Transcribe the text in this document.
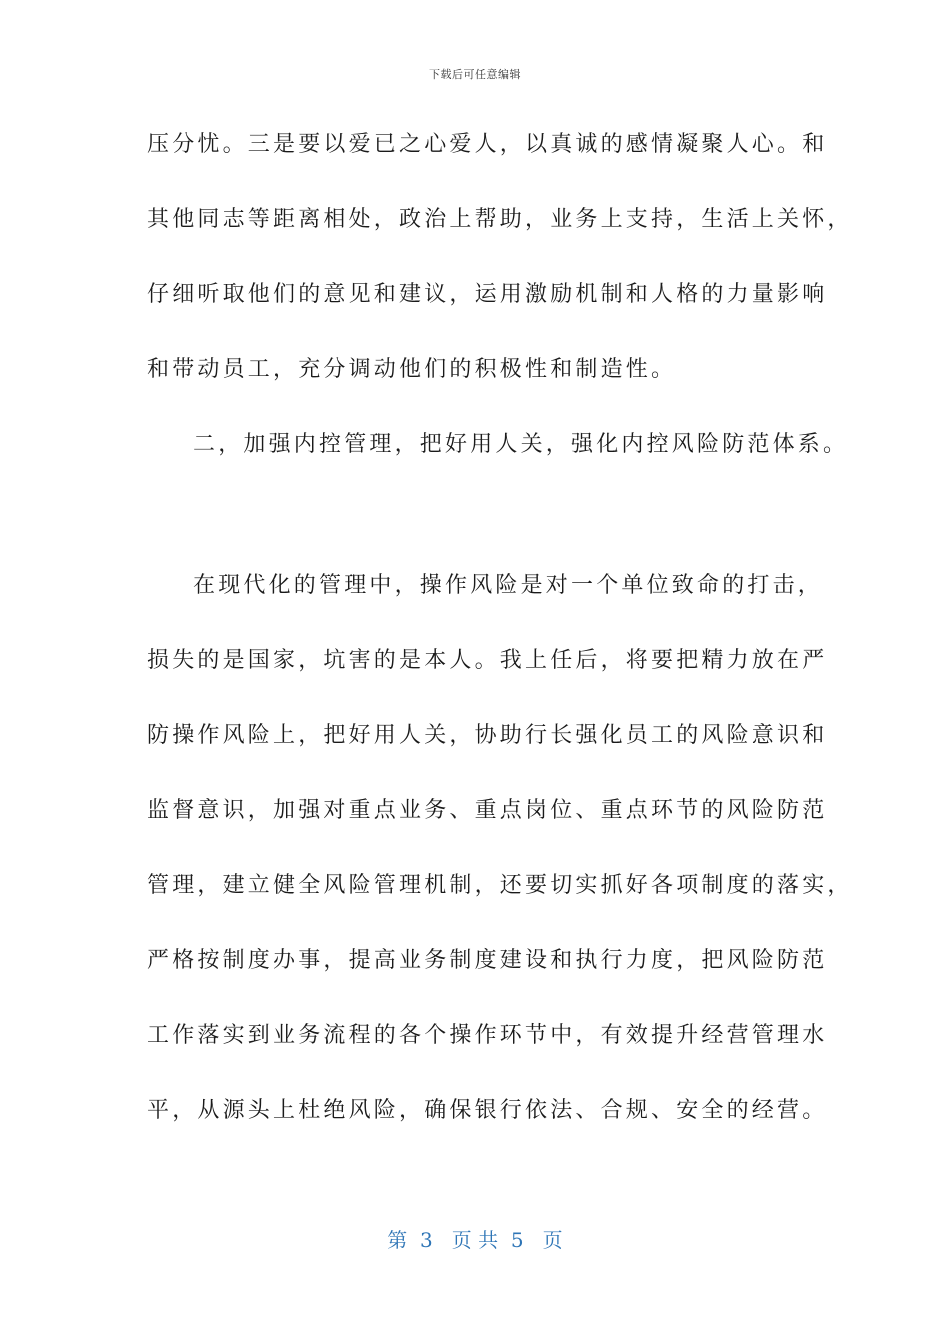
下载后可任意编辑
压分忧。三是要以爱已之心爱人，以真诚的感情凝聚人心。和
其他同志等距离相处，政治上帮助，业务上支持，生活上关怀，
仔细听取他们的意见和建议，运用激励机制和人格的力量影响
和带动员工，充分调动他们的积极性和制造性。
二，加强内控管理，把好用人关，强化内控风险防范体系。
在现代化的管理中，操作风险是对一个单位致命的打击，
损失的是国家，坑害的是本人。我上任后，将要把精力放在严
防操作风险上，把好用人关，协助行长强化员工的风险意识和
监督意识，加强对重点业务、重点岗位、重点环节的风险防范
管理，建立健全风险管理机制，还要切实抓好各项制度的落实，
严格按制度办事，提高业务制度建设和执行力度，把风险防范
工作落实到业务流程的各个操作环节中，有效提升经营管理水
平，从源头上杜绝风险，确保银行依法、合规、安全的经营。
第  3   页 共  5   页
